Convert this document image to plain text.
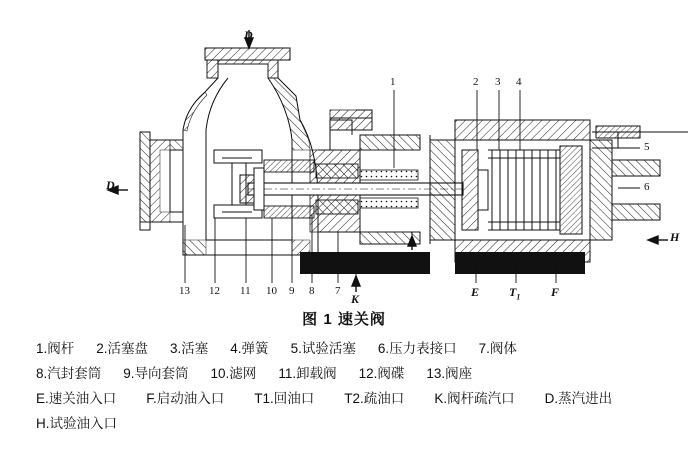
1	2 3 4
5
6
13 12 11 10 9 8 7
D
D
H
K	E	F
$T_1$
$T_2$
图 1 速关阀
1.阀杆 2.活塞盘 3.活塞 4.弹簧 5.试验活塞 6.压力表接口 7.阀体
8.汽封套筒 9.导向套筒 10.滤网 11.卸载阀 12.阀碟 13.阀座
E.速关油入口 F.启动油入口 T1.回油口 T2.疏油口 K.阀杆疏汽口 D.蒸汽进出
H.试验油入口
